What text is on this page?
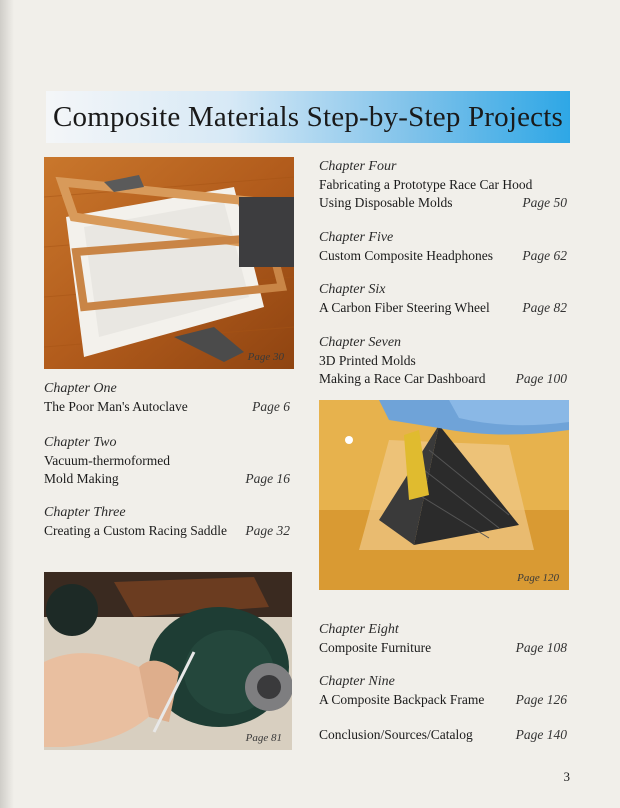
Composite Materials Step-by-Step Projects
Page 30
Page 81
Page 120
Chapter One
The Poor Man's Autoclave	Page 6
Chapter Two
Vacuum-thermoformed
Mold Making	Page 16
Chapter Three
Creating a Custom Racing Saddle Page 32
Chapter Four
Fabricating a Prototype Race Car Hood
Using Disposable Molds	Page 50
Chapter Five
Custom Composite Headphones Page 62
Chapter Six
A Carbon Fiber Steering Wheel Page 82
Chapter Seven
3D Printed Molds
Making a Race Car Dashboard Page 100
Chapter Eight
Composite Furniture	Page 108
Chapter Nine
A Composite Backpack Frame Page 126
Conclusion/Sources/Catalog	Page 140
3
